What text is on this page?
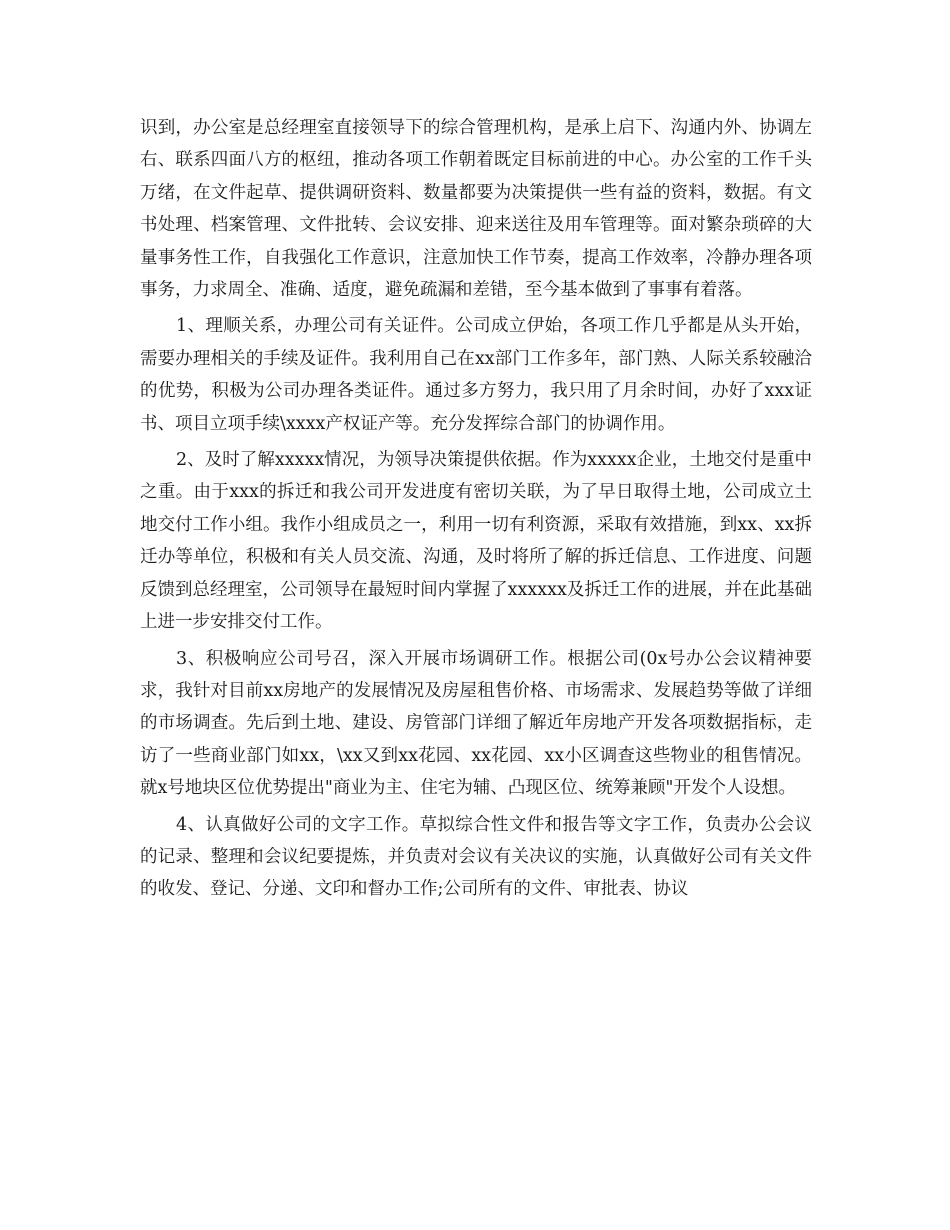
识到，办公室是总经理室直接领导下的综合管理机构，是承上启下、沟通内外、协调左右、联系四面八方的枢纽，推动各项工作朝着既定目标前进的中心。办公室的工作千头万绪，在文件起草、提供调研资料、数量都要为决策提供一些有益的资料，数据。有文书处理、档案管理、文件批转、会议安排、迎来送往及用车管理等。面对繁杂琐碎的大量事务性工作，自我强化工作意识，注意加快工作节奏，提高工作效率，冷静办理各项事务，力求周全、准确、适度，避免疏漏和差错，至今基本做到了事事有着落。

1、理顺关系，办理公司有关证件。公司成立伊始，各项工作几乎都是从头开始，需要办理相关的手续及证件。我利用自己在xx部门工作多年，部门熟、人际关系较融洽的优势，积极为公司办理各类证件。通过多方努力，我只用了月余时间，办好了xxx证书、项目立项手续\xxxx产权证产等。充分发挥综合部门的协调作用。

2、及时了解xxxxx情况，为领导决策提供依据。作为xxxxx企业，土地交付是重中之重。由于xxx的拆迁和我公司开发进度有密切关联，为了早日取得土地，公司成立土地交付工作小组。我作小组成员之一，利用一切有利资源，采取有效措施，到xx、xx拆迁办等单位，积极和有关人员交流、沟通，及时将所了解的拆迁信息、工作进度、问题反馈到总经理室，公司领导在最短时间内掌握了xxxxxx及拆迁工作的进展，并在此基础上进一步安排交付工作。

3、积极响应公司号召，深入开展市场调研工作。根据公司(0x号办公会议精神要求，我针对目前xx房地产的发展情况及房屋租售价格、市场需求、发展趋势等做了详细的市场调查。先后到土地、建设、房管部门详细了解近年房地产开发各项数据指标，走访了一些商业部门如xx，\xx又到xx花园、xx花园、xx小区调查这些物业的租售情况。就x号地块区位优势提出"商业为主、住宅为辅、凸现区位、统筹兼顾"开发个人设想。

4、认真做好公司的文字工作。草拟综合性文件和报告等文字工作，负责办公会议的记录、整理和会议纪要提炼，并负责对会议有关决议的实施，认真做好公司有关文件的收发、登记、分递、文印和督办工作;公司所有的文件、审批表、协议
